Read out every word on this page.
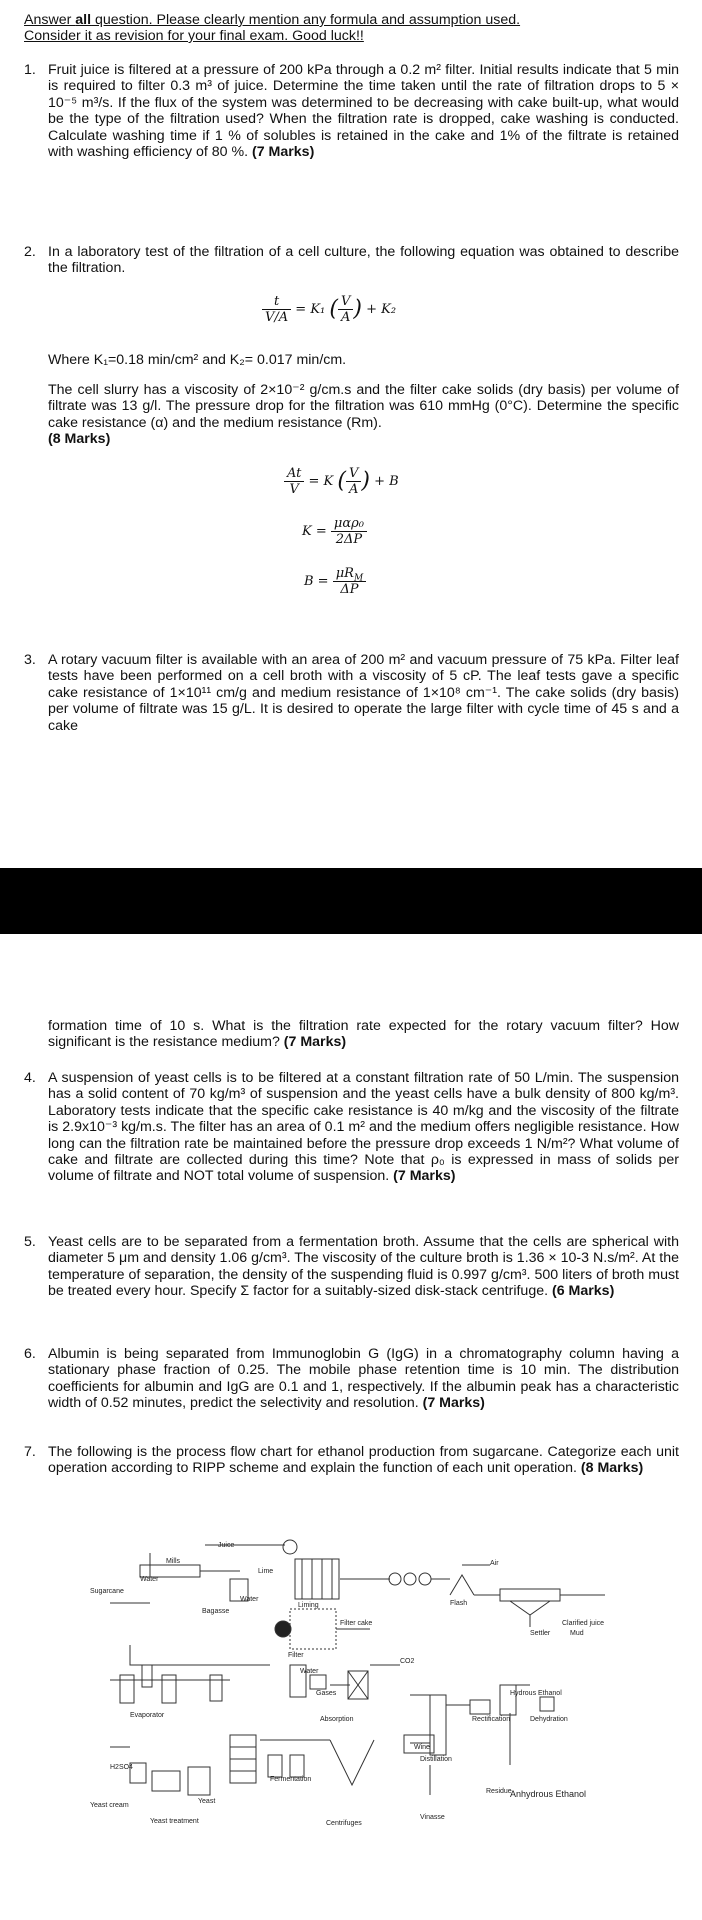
Answer all question. Please clearly mention any formula and assumption used.
Consider it as revision for your final exam. Good luck!!
1. Fruit juice is filtered at a pressure of 200 kPa through a 0.2 m² filter. Initial results indicate that 5 min is required to filter 0.3 m³ of juice. Determine the time taken until the rate of filtration drops to 5 × 10⁻⁵ m³/s. If the flux of the system was determined to be decreasing with cake built-up, what would be the type of the filtration used? When the filtration rate is dropped, cake washing is conducted. Calculate washing time if 1 % of solubles is retained in the cake and 1% of the filtrate is retained with washing efficiency of 80 %. (7 Marks)
2. In a laboratory test of the filtration of a cell culture, the following equation was obtained to describe the filtration.
$\frac{t}{V/A} = K_1$ ( $\frac{V}{A}$ ) + K₂
Where K₁=0.18 min/cm² and K₂= 0.017 min/cm.
The cell slurry has a viscosity of 2×10⁻² g/cm.s and the filter cake solids (dry basis) per volume of filtrate was 13 g/l. The pressure drop for the filtration was 610 mmHg (0°C). Determine the specific cake resistance (α) and the medium resistance (Rm).
(8 Marks)
$\frac{At}{V} = K$ ( $\frac{V}{A}$ ) + B
$K = \frac{\text{μαρ₀}}{2\Delta P}$
$B = \frac{\mu R_M}{\Delta P}$
3. A rotary vacuum filter is available with an area of 200 m² and vacuum pressure of 75 kPa. Filter leaf tests have been performed on a cell broth with a viscosity of 5 cP. The leaf tests gave a specific cake resistance of 1×10¹¹ cm/g and medium resistance of 1×10⁸ cm⁻¹. The cake solids (dry basis) per volume of filtrate was 15 g/L. It is desired to operate the large filter with cycle time of 45 s and a cake
formation time of 10 s. What is the filtration rate expected for the rotary vacuum filter? How significant is the resistance medium? (7 Marks)
4. A suspension of yeast cells is to be filtered at a constant filtration rate of 50 L/min. The suspension has a solid content of 70 kg/m³ of suspension and the yeast cells have a bulk density of 800 kg/m³. Laboratory tests indicate that the specific cake resistance is 40 m/kg and the viscosity of the filtrate is 2.9x10⁻³ kg/m.s. The filter has an area of 0.1 m² and the medium offers negligible resistance. How long can the filtration rate be maintained before the pressure drop exceeds 1 N/m²? What volume of cake and filtrate are collected during this time? Note that ρ₀ is expressed in mass of solids per volume of filtrate and NOT total volume of suspension. (7 Marks)
5. Yeast cells are to be separated from a fermentation broth. Assume that the cells are spherical with diameter 5 μm and density 1.06 g/cm³. The viscosity of the culture broth is 1.36 × 10-3 N.s/m². At the temperature of separation, the density of the suspending fluid is 0.997 g/cm³. 500 liters of broth must be treated every hour. Specify Σ factor for a suitably-sized disk-stack centrifuge. (6 Marks)
6. Albumin is being separated from Immunoglobin G (IgG) in a chromatography column having a stationary phase fraction of 0.25. The mobile phase retention time is 10 min. The distribution coefficients for albumin and IgG are 0.1 and 1, respectively. If the albumin peak has a characteristic width of 0.52 minutes, predict the selectivity and resolution. (7 Marks)
7. The following is the process flow chart for ethanol production from sugarcane. Categorize each unit operation according to RIPP scheme and explain the function of each unit operation. (8 Marks)
Juice
Mills
Water
Sugarcane
Lime
Liming
Water
Bagasse
Filter cake
Filter
Air
Flash
Settler
Clarified juice
Mud
CO2
Water
Gases
Absorption
Evaporator
Hydrous Ethanol
Rectification	Dehydration
Wine
Distillation
H2SO4
Fermentation
Yeast
Yeast cream
Yeast treatment	Centrifuges
Vinasse
Residue
Anhydrous Ethanol
